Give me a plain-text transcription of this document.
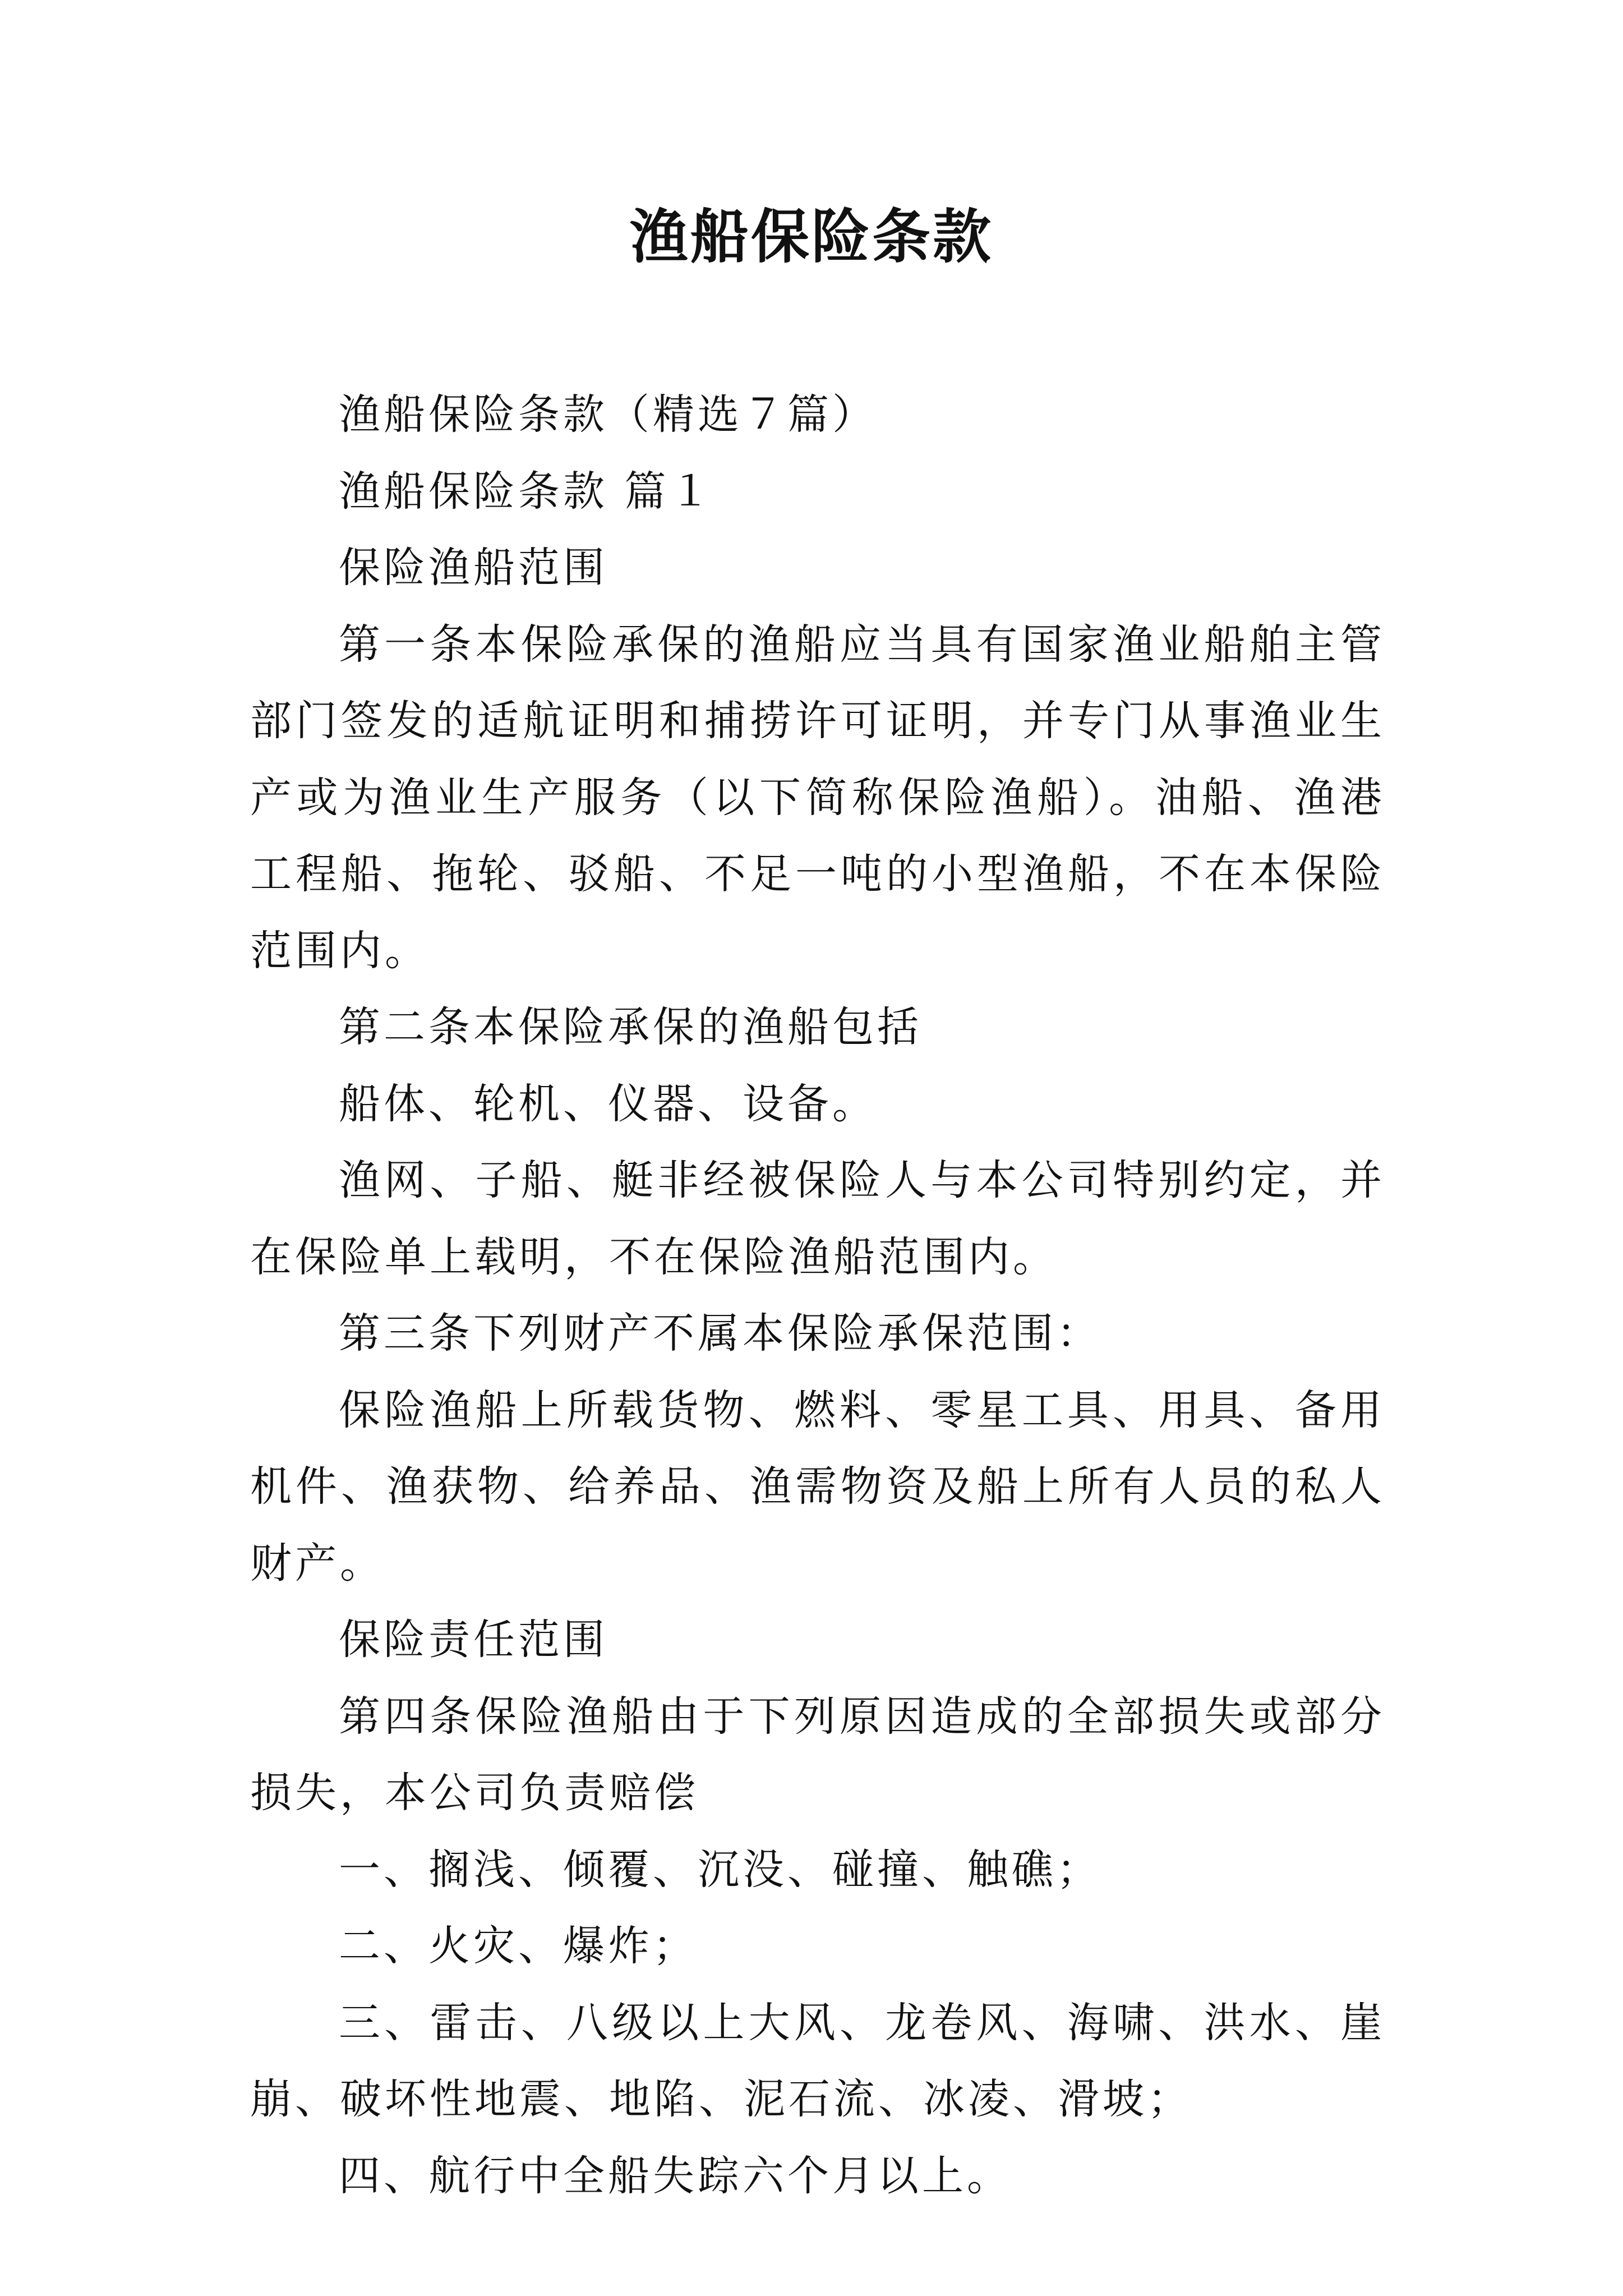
渔船保险条款

渔船保险条款（精选７篇）

渔船保险条款 篇１

保险渔船范围

第一条本保险承保的渔船应当具有国家渔业船舶主管部门签发的适航证明和捕捞许可证明，并专门从事渔业生产或为渔业生产服务（以下简称保险渔船）。油船、渔港工程船、拖轮、驳船、不足一吨的小型渔船，不在本保险范围内。

第二条本保险承保的渔船包括

船体、轮机、仪器、设备。

渔网、子船、艇非经被保险人与本公司特别约定，并在保险单上载明，不在保险渔船范围内。

第三条下列财产不属本保险承保范围：

保险渔船上所载货物、燃料、零星工具、用具、备用机件、渔获物、给养品、渔需物资及船上所有人员的私人财产。

保险责任范围

第四条保险渔船由于下列原因造成的全部损失或部分损失，本公司负责赔偿

一、搁浅、倾覆、沉没、碰撞、触礁；

二、火灾、爆炸；

三、雷击、八级以上大风、龙卷风、海啸、洪水、崖崩、破坏性地震、地陷、泥石流、冰凌、滑坡；

四、航行中全船失踪六个月以上。
